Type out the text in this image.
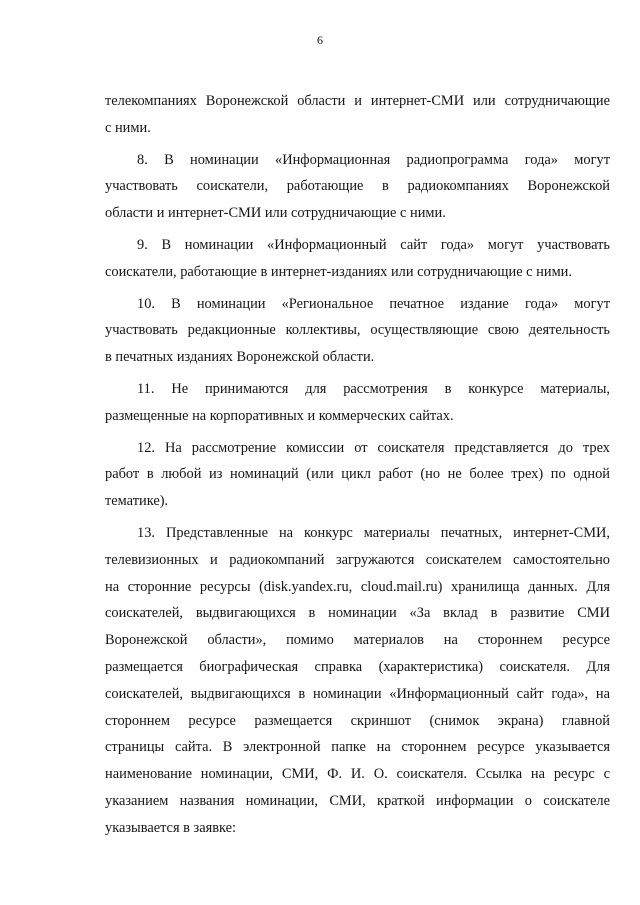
6
телекомпаниях Воронежской области и интернет-СМИ или сотрудничающие
с ними.
8. В номинации «Информационная радиопрограмма года» могут
участвовать соискатели, работающие в радиокомпаниях Воронежской
области и интернет-СМИ или сотрудничающие с ними.
9. В номинации «Информационный сайт года» могут участвовать
соискатели, работающие в интернет-изданиях или сотрудничающие с ними.
10. В номинации «Региональное печатное издание года» могут
участвовать редакционные коллективы, осуществляющие свою деятельность
в печатных изданиях Воронежской области.
11. Не принимаются для рассмотрения в конкурсе материалы,
размещенные на корпоративных и коммерческих сайтах.
12. На рассмотрение комиссии от соискателя представляется до трех
работ в любой из номинаций (или цикл работ (но не более трех) по одной
тематике).
13. Представленные на конкурс материалы печатных, интернет-СМИ,
телевизионных и радиокомпаний загружаются соискателем самостоятельно
на сторонние ресурсы (disk.yandex.ru, cloud.mail.ru) хранилища данных. Для
соискателей, выдвигающихся в номинации «За вклад в развитие СМИ
Воронежской области», помимо материалов на стороннем ресурсе
размещается биографическая справка (характеристика) соискателя. Для
соискателей, выдвигающихся в номинации «Информационный сайт года», на
стороннем ресурсе размещается скриншот (снимок экрана) главной
страницы сайта. В электронной папке на стороннем ресурсе указывается
наименование номинации, СМИ, Ф. И. О. соискателя. Ссылка на ресурс с
указанием названия номинации, СМИ, краткой информации о соискателе
указывается в заявке:
